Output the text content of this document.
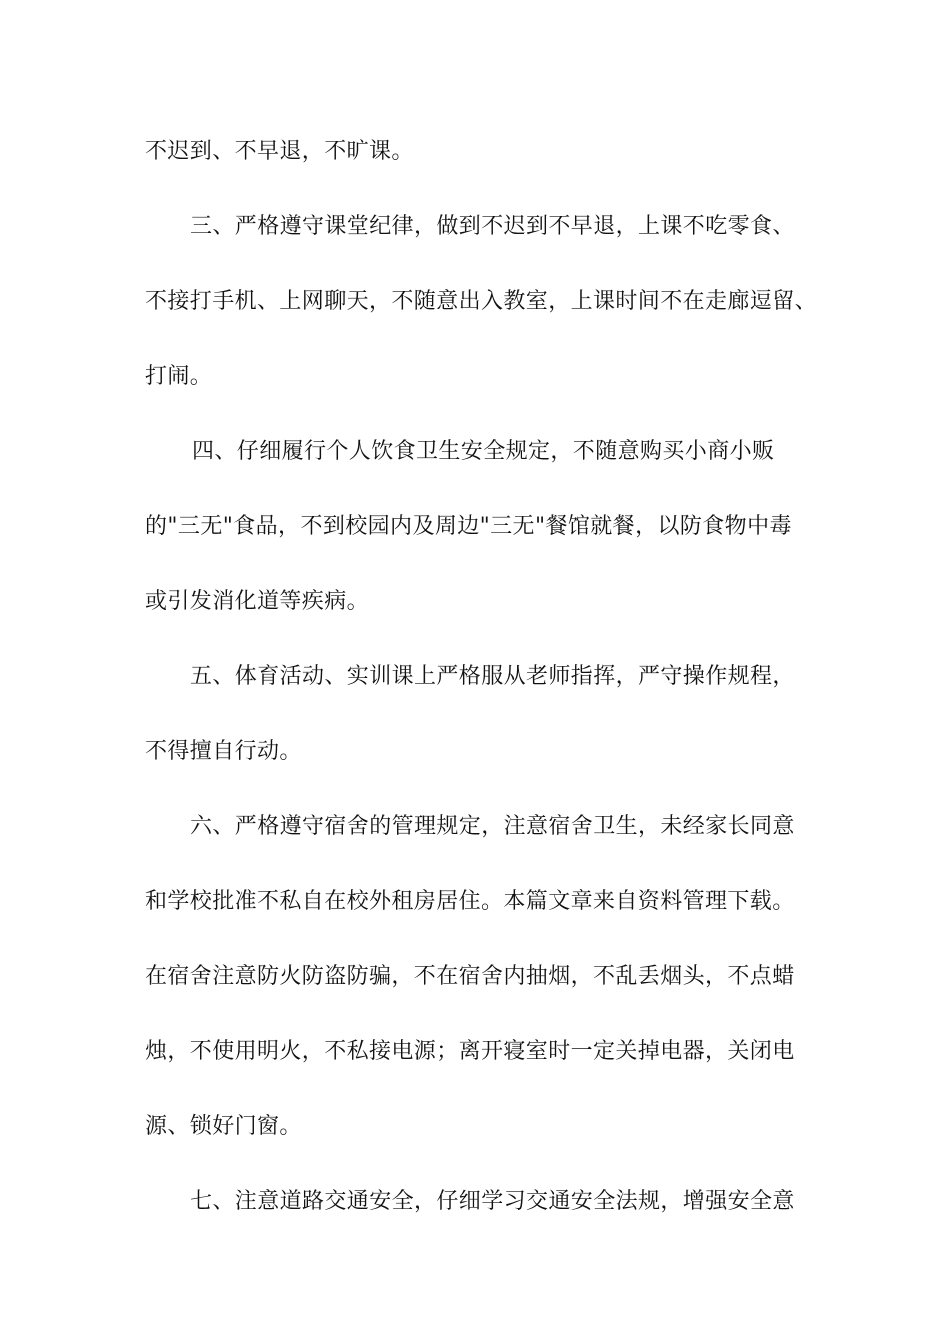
不迟到、不早退，不旷课。
三、严格遵守课堂纪律，做到不迟到不早退，上课不吃零食、
不接打手机、上网聊天，不随意出入教室，上课时间不在走廊逗留、
打闹。
四、仔细履行个人饮食卫生安全规定，不随意购买小商小贩
的"三无"食品，不到校园内及周边"三无"餐馆就餐，以防食物中毒
或引发消化道等疾病。
五、体育活动、实训课上严格服从老师指挥，严守操作规程，
不得擅自行动。
六、严格遵守宿舍的管理规定，注意宿舍卫生，未经家长同意
和学校批准不私自在校外租房居住。本篇文章来自资料管理下载。
在宿舍注意防火防盗防骗，不在宿舍内抽烟，不乱丢烟头，不点蜡
烛，不使用明火，不私接电源；离开寝室时一定关掉电器，关闭电
源、锁好门窗。
七、注意道路交通安全，仔细学习交通安全法规，增强安全意
